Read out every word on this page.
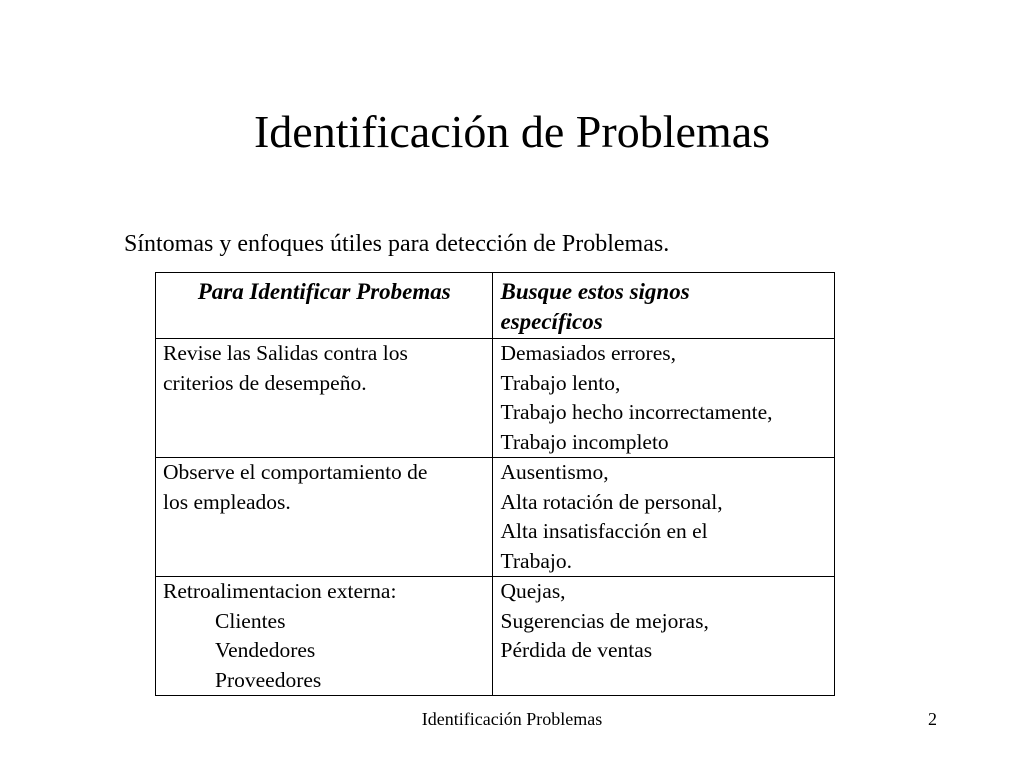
Identificación de Problemas
Síntomas y enfoques útiles para detección de Problemas.
Para Identificar Probemas	Busque estos signos
específicos

Revise las Salidas contra los
criterios de desempeño.	Demasiados errores,
Trabajo lento,
Trabajo hecho incorrectamente,
Trabajo incompleto

Observe el comportamiento de
los empleados.	Ausentismo,
Alta rotación de personal,
Alta insatisfacción en el
Trabajo.

Retroalimentacion externa:
Clientes
Vendedores
Proveedores	Quejas,
Sugerencias de mejoras,
Pérdida de ventas
Identificación Problemas	2
